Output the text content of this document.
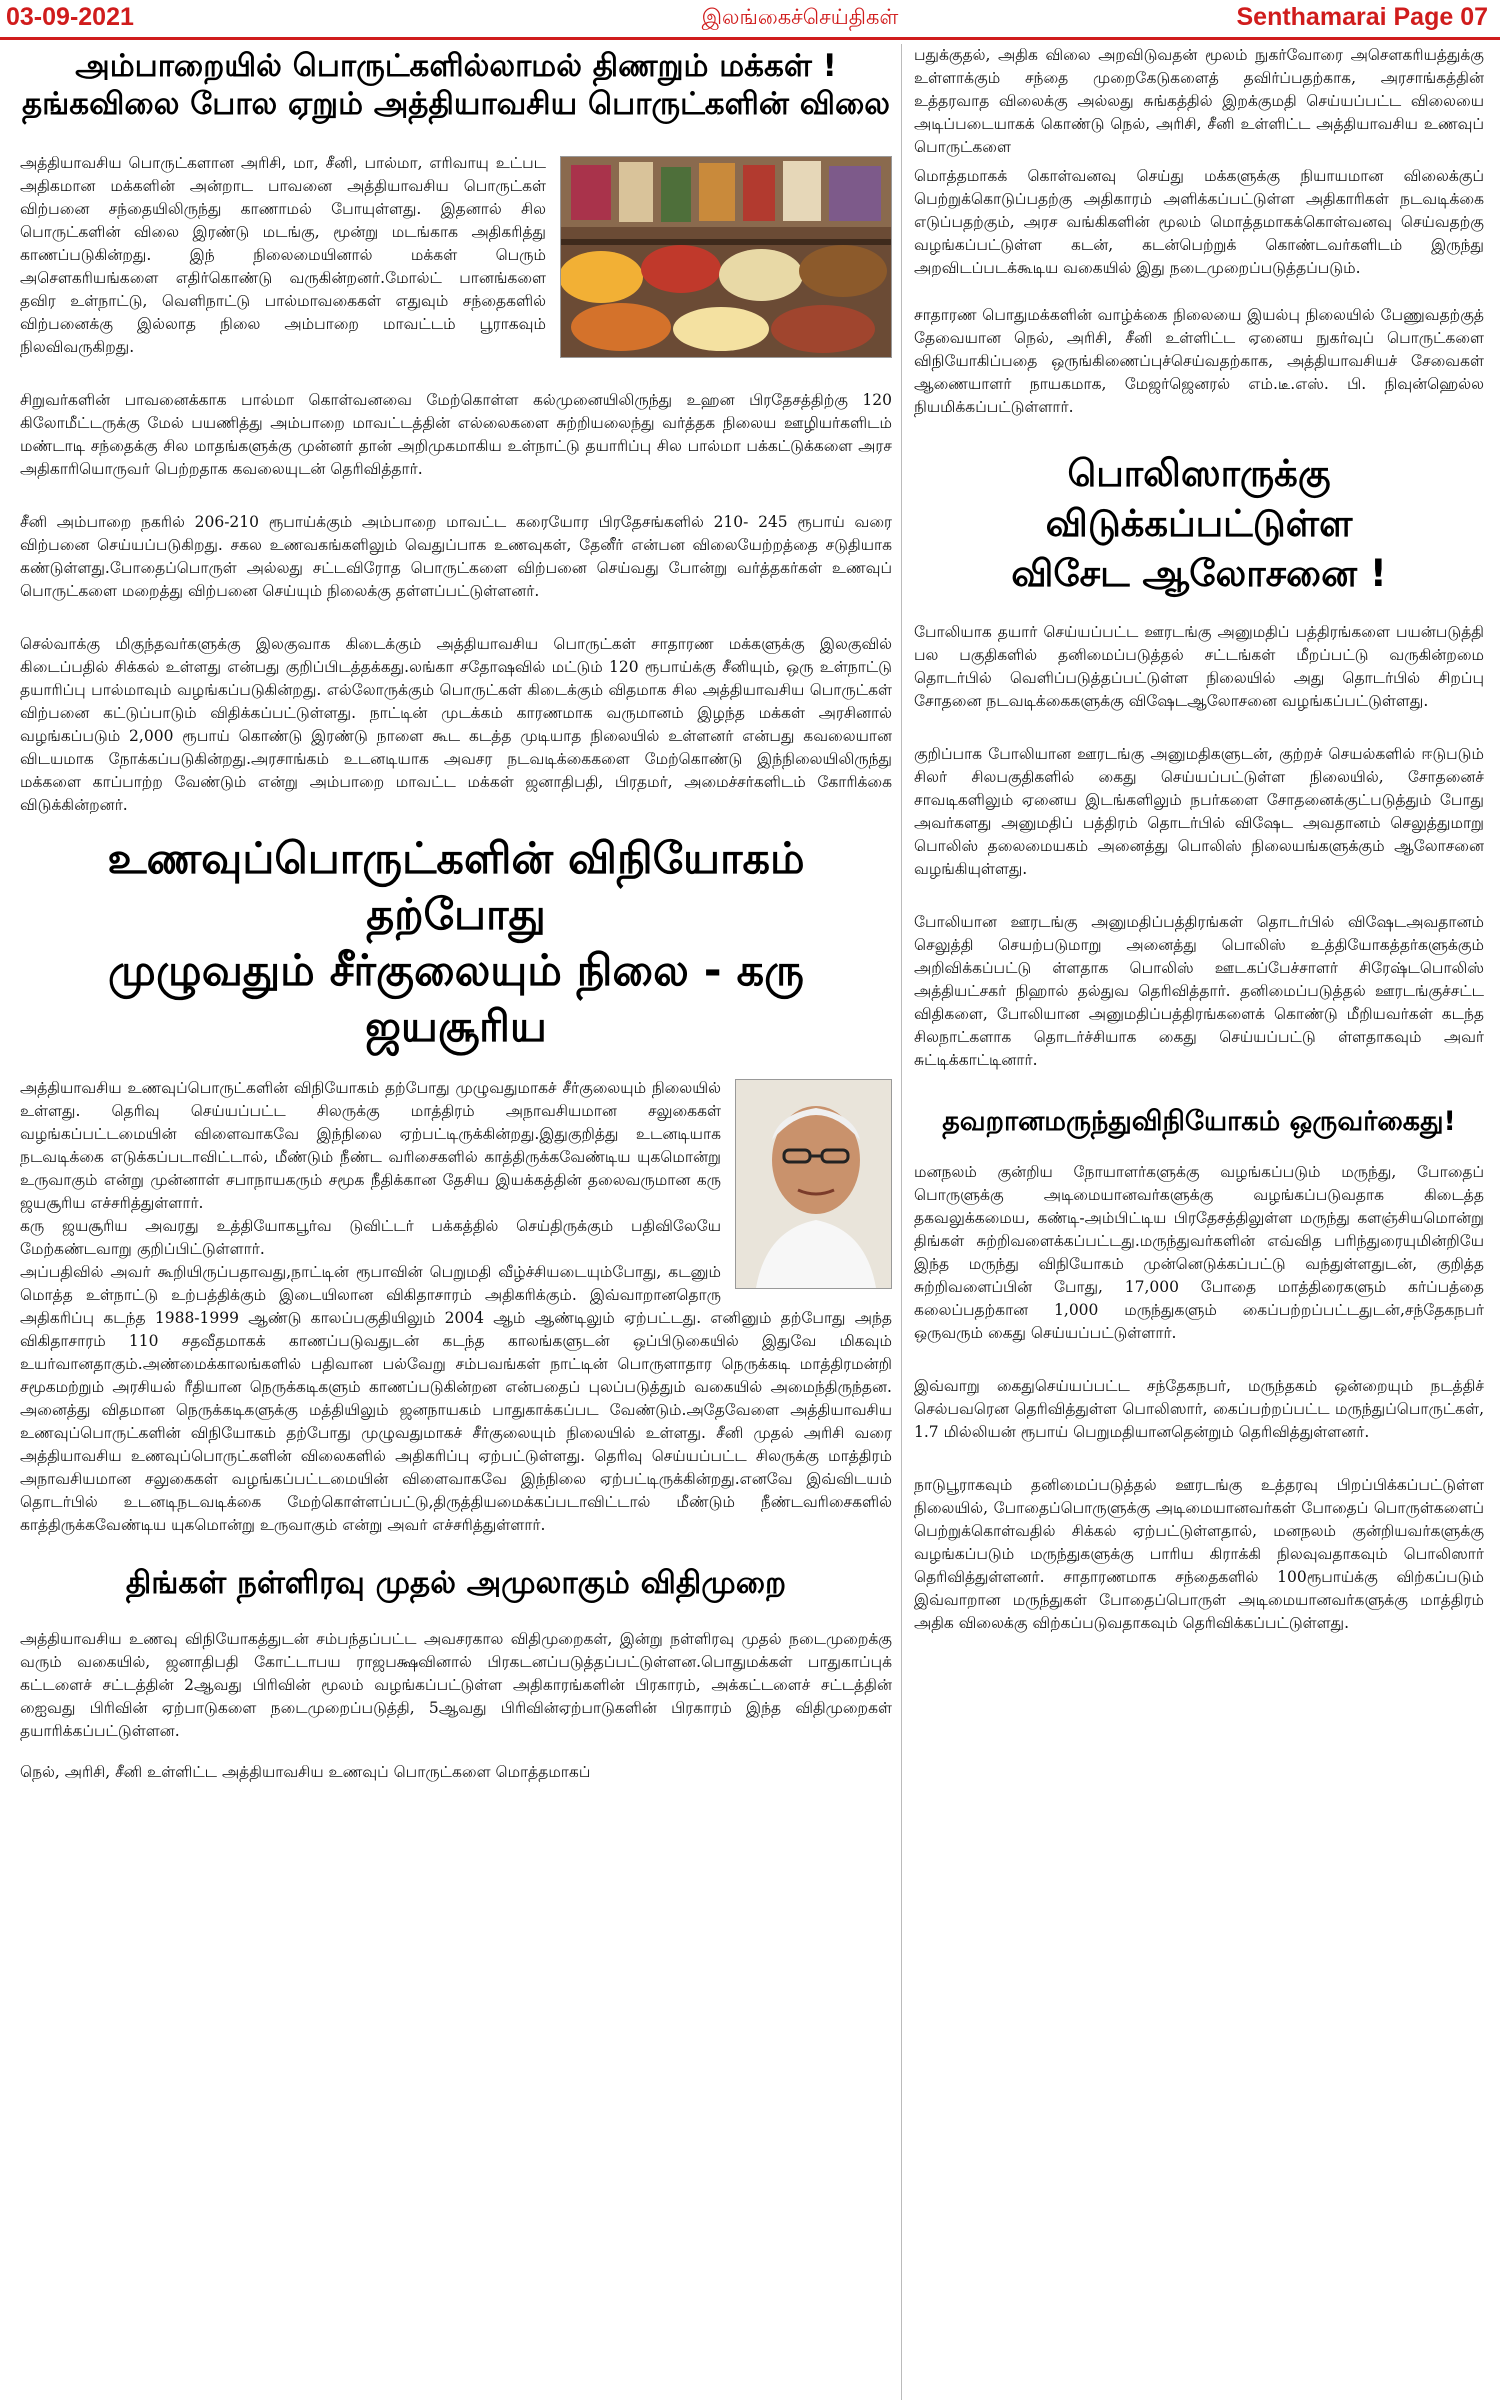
03-09-2021	இலங்கைச்செய்திகள்	Senthamarai Page 07
அம்பாறையில் பொருட்களில்லாமல் திணறும் மக்கள் !
தங்கவிலை போல ஏறும் அத்தியாவசிய பொருட்களின் விலை

அத்தியாவசிய பொருட்களான அரிசி, மா, சீனி, பால்மா, எரிவாயு உட்பட அதிகமான மக்களின் அன்றாட பாவனை அத்தியாவசிய பொருட்கள் விற்பனை சந்தையிலிருந்து காணாமல் போயுள்ளது. இதனால் சில பொருட்களின் விலை இரண்டு மடங்கு, மூன்று மடங்காக அதிகரித்து காணப்படுகின்றது. இந் நிலைமையினால் மக்கள் பெரும் அசௌகரியங்களை எதிர்கொண்டு வருகின்றனர்.மோல்ட் பானங்களை தவிர உள்நாட்டு, வெளிநாட்டு பால்மாவகைகள் எதுவும் சந்தைகளில் விற்பனைக்கு இல்லாத நிலை அம்பாறை மாவட்டம் பூராகவும் நிலவிவருகிறது.

சிறுவர்களின் பாவனைக்காக பால்மா கொள்வனவை மேற்கொள்ள கல்முனையிலிருந்து உஹன பிரதேசத்திற்கு 120 கிலோமீட்டருக்கு மேல் பயணித்து அம்பாறை மாவட்டத்தின் எல்லைகளை சுற்றியலைந்து வர்த்தக நிலைய ஊழியர்களிடம் மண்டாடி சந்தைக்கு சில மாதங்களுக்கு முன்னர் தான் அறிமுகமாகிய உள்நாட்டு தயாரிப்பு சில பால்மா பக்கட்டுக்களை அரச அதிகாரியொருவர் பெற்றதாக கவலையுடன் தெரிவித்தார்.

சீனி அம்பாறை நகரில் 206-210 ரூபாய்க்கும் அம்பாறை மாவட்ட கரையோர பிரதேசங்களில் 210- 245 ரூபாய் வரை விற்பனை செய்யப்படுகிறது. சகல உணவகங்களிலும் வெதுப்பாக உணவுகள், தேனீர் என்பன விலையேற்றத்தை சடுதியாக கண்டுள்ளது.போதைப்பொருள் அல்லது சட்டவிரோத பொருட்களை விற்பனை செய்வது போன்று வர்த்தகர்கள் உணவுப் பொருட்களை மறைத்து விற்பனை செய்யும் நிலைக்கு தள்ளப்பட்டுள்ளனர்.

செல்வாக்கு மிகுந்தவர்களுக்கு இலகுவாக கிடைக்கும் அத்தியாவசிய பொருட்கள் சாதாரண மக்களுக்கு இலகுவில் கிடைப்பதில் சிக்கல் உள்ளது என்பது குறிப்பிடத்தக்கது.லங்கா சதோஷவில் மட்டும் 120 ரூபாய்க்கு சீனியும், ஒரு உள்நாட்டு தயாரிப்பு பால்மாவும் வழங்கப்படுகின்றது. எல்லோருக்கும் பொருட்கள் கிடைக்கும் விதமாக சில அத்தியாவசிய பொருட்கள் விற்பனை கட்டுப்பாடும் விதிக்கப்பட்டுள்ளது. நாட்டின் முடக்கம் காரணமாக வருமானம் இழந்த மக்கள் அரசினால் வழங்கப்படும் 2,000 ரூபாய் கொண்டு இரண்டு நாளை கூட கடத்த முடியாத நிலையில் உள்ளனர் என்பது கவலையான விடயமாக நோக்கப்படுகின்றது.அரசாங்கம் உடனடியாக அவசர நடவடிக்கைகளை மேற்கொண்டு இந்நிலையிலிருந்து மக்களை காப்பாற்ற வேண்டும் என்று அம்பாறை மாவட்ட மக்கள் ஜனாதிபதி, பிரதமர், அமைச்சர்களிடம் கோரிக்கை விடுக்கின்றனர்.

உணவுப்பொருட்களின் விநியோகம் தற்போது
முழுவதும் சீர்குலையும் நிலை - கரு ஜயசூரிய

அத்தியாவசிய உணவுப்பொருட்களின் விநியோகம் தற்போது முழுவதுமாகச் சீர்குலையும் நிலையில் உள்ளது. தெரிவு செய்யப்பட்ட சிலருக்கு மாத்திரம் அநாவசியமான சலுகைகள் வழங்கப்பட்டமையின் விளைவாகவே இந்நிலை ஏற்பட்டிருக்கின்றது.இதுகுறித்து உடனடியாக நடவடிக்கை எடுக்கப்படாவிட்டால், மீண்டும் நீண்ட வரிசைகளில் காத்திருக்கவேண்டிய யுகமொன்று உருவாகும் என்று முன்னாள் சபாநாயகரும் சமூக நீதிக்கான தேசிய இயக்கத்தின் தலைவருமான கரு ஜயசூரிய எச்சரித்துள்ளார்.

கரு ஜயசூரிய அவரது உத்தியோகபூர்வ டுவிட்டர் பக்கத்தில் செய்திருக்கும் பதிவிலேயே மேற்கண்டவாறு குறிப்பிட்டுள்ளார்.

அப்பதிவில் அவர் கூறியிருப்பதாவது,நாட்டின் ரூபாவின் பெறுமதி வீழ்ச்சியடையும்போது, கடனும் மொத்த உள்நாட்டு உற்பத்திக்கும் இடையிலான விகிதாசாரம் அதிகரிக்கும். இவ்வாறானதொரு அதிகரிப்பு கடந்த 1988-1999 ஆண்டு காலப்பகுதியிலும் 2004 ஆம் ஆண்டிலும் ஏற்பட்டது. எனினும் தற்போது அந்த விகிதாசாரம் 110 சதவீதமாகக் காணப்படுவதுடன் கடந்த காலங்களுடன் ஒப்பிடுகையில் இதுவே மிகவும் உயர்வானதாகும்.அண்மைக்காலங்களில் பதிவான பல்வேறு சம்பவங்கள் நாட்டின் பொருளாதார நெருக்கடி மாத்திரமன்றி சமூகமற்றும் அரசியல் ரீதியான நெருக்கடிகளும் காணப்படுகின்றன என்பதைப் புலப்படுத்தும் வகையில் அமைந்திருந்தன. அனைத்து விதமான நெருக்கடிகளுக்கு மத்தியிலும் ஜனநாயகம் பாதுகாக்கப்பட வேண்டும்.அதேவேளை அத்தியாவசிய உணவுப்பொருட்களின் விநியோகம் தற்போது முழுவதுமாகச் சீர்குலையும் நிலையில் உள்ளது. சீனி முதல் அரிசி வரை அத்தியாவசிய உணவுப்பொருட்களின் விலைகளில் அதிகரிப்பு ஏற்பட்டுள்ளது. தெரிவு செய்யப்பட்ட சிலருக்கு மாத்திரம் அநாவசியமான சலுகைகள் வழங்கப்பட்டமையின் விளைவாகவே இந்நிலை ஏற்பட்டிருக்கின்றது.எனவே இவ்விடயம் தொடர்பில் உடனடிநடவடிக்கை மேற்கொள்ளப்பட்டு,திருத்தியமைக்கப்படாவிட்டால் மீண்டும் நீண்டவரிசைகளில் காத்திருக்கவேண்டிய யுகமொன்று உருவாகும் என்று அவர் எச்சரித்துள்ளார்.

திங்கள் நள்ளிரவு முதல் அமுலாகும் விதிமுறை

அத்தியாவசிய உணவு விநியோகத்துடன் சம்பந்தப்பட்ட அவசரகால விதிமுறைகள், இன்று நள்ளிரவு முதல் நடைமுறைக்கு வரும் வகையில், ஜனாதிபதி கோட்டாபய ராஜபக்ஷவினால் பிரகடனப்படுத்தப்பட்டுள்ளன.பொதுமக்கள் பாதுகாப்புக் கட்டளைச் சட்டத்தின் 2ஆவது பிரிவின் மூலம் வழங்கப்பட்டுள்ள அதிகாரங்களின் பிரகாரம், அக்கட்டளைச் சட்டத்தின் ஐைவது பிரிவின் ஏற்பாடுகளை நடைமுறைப்படுத்தி, 5ஆவது பிரிவின்ஏற்பாடுகளின் பிரகாரம் இந்த விதிமுறைகள் தயாரிக்கப்பட்டுள்ளன.

நெல், அரிசி, சீனி உள்ளிட்ட அத்தியாவசிய உணவுப் பொருட்களை மொத்தமாகப்

பதுக்குதல், அதிக விலை அறவிடுவதன் மூலம் நுகர்வோரை அசௌகரியத்துக்கு உள்ளாக்கும் சந்தை முறைகேடுகளைத் தவிர்ப்பதற்காக, அரசாங்கத்தின் உத்தரவாத விலைக்கு அல்லது சுங்கத்தில் இறக்குமதி செய்யப்பட்ட விலையை அடிப்படையாகக் கொண்டு நெல், அரிசி, சீனி உள்ளிட்ட அத்தியாவசிய உணவுப் பொருட்களை

மொத்தமாகக் கொள்வனவு செய்து மக்களுக்கு நியாயமான விலைக்குப் பெற்றுக்கொடுப்பதற்கு அதிகாரம் அளிக்கப்பட்டுள்ள அதிகாரிகள் நடவடிக்கை எடுப்பதற்கும், அரச வங்கிகளின் மூலம் மொத்தமாகக்கொள்வனவு செய்வதற்கு வழங்கப்பட்டுள்ள கடன், கடன்பெற்றுக் கொண்டவர்களிடம் இருந்து அறவிடப்படக்கூடிய வகையில் இது நடைமுறைப்படுத்தப்படும்.

சாதாரண பொதுமக்களின் வாழ்க்கை நிலையை இயல்பு நிலையில் பேணுவதற்குத் தேவையான நெல், அரிசி, சீனி உள்ளிட்ட ஏனைய நுகர்வுப் பொருட்களை விநியோகிப்பதை ஒருங்கிணைப்புச்செய்வதற்காக, அத்தியாவசியச் சேவைகள் ஆணையாளர் நாயகமாக, மேஜர்ஜெனரல் எம்.டீ.எஸ். பி. நிவுன்ஹெல்ல நியமிக்கப்பட்டுள்ளார்.

பொலிஸாருக்கு விடுக்கப்பட்டுள்ள
விசேட ஆலோசனை !

போலியாக தயார் செய்யப்பட்ட ஊரடங்கு அனுமதிப் பத்திரங்களை பயன்படுத்தி பல பகுதிகளில் தனிமைப்படுத்தல் சட்டங்கள் மீறப்பட்டு வருகின்றமை தொடர்பில் வெளிப்படுத்தப்பட்டுள்ள நிலையில் அது தொடர்பில் சிறப்பு சோதனை நடவடிக்கைகளுக்கு விஷேடஆலோசனை வழங்கப்பட்டுள்ளது.

குறிப்பாக போலியான ஊரடங்கு அனுமதிகளுடன், குற்றச் செயல்களில் ஈடுபடும் சிலர் சிலபகுதிகளில் கைது செய்யப்பட்டுள்ள நிலையில், சோதனைச் சாவடிகளிலும் ஏனைய இடங்களிலும் நபர்களை சோதனைக்குட்படுத்தும் போது அவர்களது அனுமதிப் பத்திரம் தொடர்பில் விஷேட அவதானம் செலுத்துமாறு பொலிஸ் தலைமையகம் அனைத்து பொலிஸ் நிலையங்களுக்கும் ஆலோசனை வழங்கியுள்ளது.

போலியான ஊரடங்கு அனுமதிப்பத்திரங்கள் தொடர்பில் விஷேடஅவதானம் செலுத்தி செயற்படுமாறு அனைத்து பொலிஸ் உத்தியோகத்தர்களுக்கும் அறிவிக்கப்பட்டு ள்ளதாக பொலிஸ் ஊடகப்பேச்சாளர் சிரேஷ்டபொலிஸ் அத்தியட்சகர் நிஹால் தல்துவ தெரிவித்தார். தனிமைப்படுத்தல் ஊரடங்குச்சட்ட விதிகளை, போலியான அனுமதிப்பத்திரங்களைக் கொண்டு மீறியவர்கள் கடந்த சிலநாட்களாக தொடர்ச்சியாக கைது செய்யப்பட்டு ள்ளதாகவும் அவர் சுட்டிக்காட்டினார்.

தவறானமருந்துவிநியோகம் ஒருவர்கைது!

மனநலம் குன்றிய நோயாளர்களுக்கு வழங்கப்படும் மருந்து, போதைப் பொருளுக்கு அடிமையானவர்களுக்கு வழங்கப்படுவதாக கிடைத்த தகவலுக்கமைய, கண்டி-அம்பிட்டிய பிரதேசத்திலுள்ள மருந்து களஞ்சியமொன்று திங்கள் சுற்றிவளைக்கப்பட்டது.மருந்துவர்களின் எவ்வித பரிந்துரையுமின்றியே இந்த மருந்து விநியோகம் முன்னெடுக்கப்பட்டு வந்துள்ளதுடன், குறித்த சுற்றிவளைப்பின் போது, 17,000 போதை மாத்திரைகளும் கர்ப்பத்தை கலைப்பதற்கான 1,000 மருந்துகளும் கைப்பற்றப்பட்டதுடன்,சந்தேகநபர் ஒருவரும் கைது செய்யப்பட்டுள்ளார்.

இவ்வாறு கைதுசெய்யப்பட்ட சந்தேகநபர், மருந்தகம் ஒன்றையும் நடத்திச் செல்பவரென தெரிவித்துள்ள பொலிஸார், கைப்பற்றப்பட்ட மருந்துப்பொருட்கள், 1.7 மில்லியன் ரூபாய் பெறுமதியானதென்றும் தெரிவித்துள்ளனர்.

நாடுபூராகவும் தனிமைப்படுத்தல் ஊரடங்கு உத்தரவு பிறப்பிக்கப்பட்டுள்ள நிலையில், போதைப்பொருளுக்கு அடிமையானவர்கள் போதைப் பொருள்களைப் பெற்றுக்கொள்வதில் சிக்கல் ஏற்பட்டுள்ளதால், மனநலம் குன்றியவர்களுக்கு வழங்கப்படும் மருந்துகளுக்கு பாரிய கிராக்கி நிலவுவதாகவும் பொலிஸார் தெரிவித்துள்ளனர். சாதாரணமாக சந்தைகளில் 100ரூபாய்க்கு விற்கப்படும் இவ்வாறான மருந்துகள் போதைப்பொருள் அடிமையானவர்களுக்கு மாத்திரம் அதிக விலைக்கு விற்கப்படுவதாகவும் தெரிவிக்கப்பட்டுள்ளது.
